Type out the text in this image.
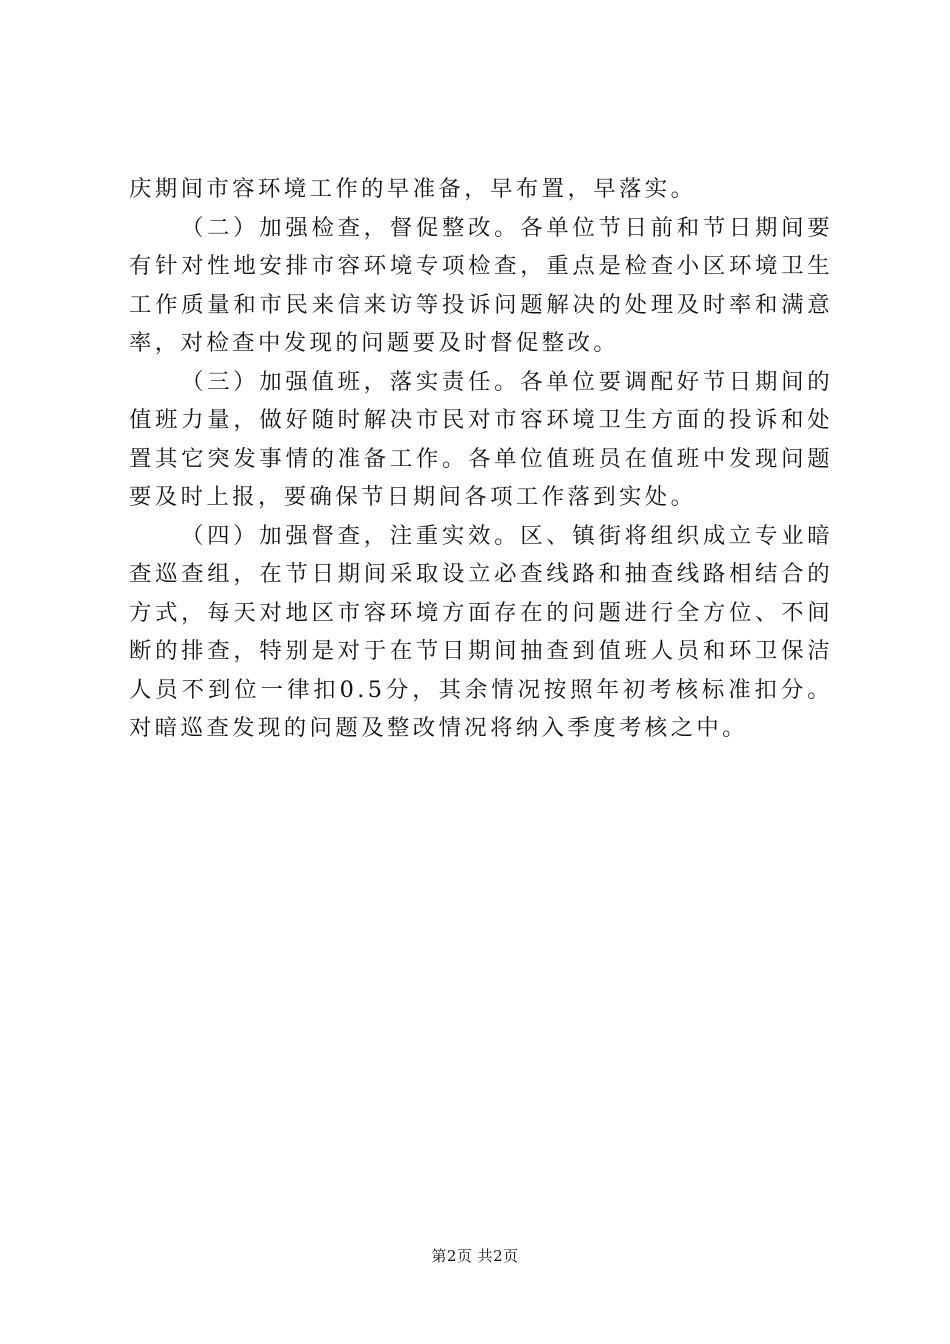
庆期间市容环境工作的早准备，早布置，早落实。

（二）加强检查，督促整改。各单位节日前和节日期间要有针对性地安排市容环境专项检查，重点是检查小区环境卫生工作质量和市民来信来访等投诉问题解决的处理及时率和满意率，对检查中发现的问题要及时督促整改。

（三）加强值班，落实责任。各单位要调配好节日期间的值班力量，做好随时解决市民对市容环境卫生方面的投诉和处置其它突发事情的准备工作。各单位值班员在值班中发现问题要及时上报，要确保节日期间各项工作落到实处。

（四）加强督查，注重实效。区、镇街将组织成立专业暗查巡查组，在节日期间采取设立必查线路和抽查线路相结合的方式，每天对地区市容环境方面存在的问题进行全方位、不间断的排查，特别是对于在节日期间抽查到值班人员和环卫保洁人员不到位一律扣0.5分，其余情况按照年初考核标准扣分。对暗巡查发现的问题及整改情况将纳入季度考核之中。

第2页 共2页
